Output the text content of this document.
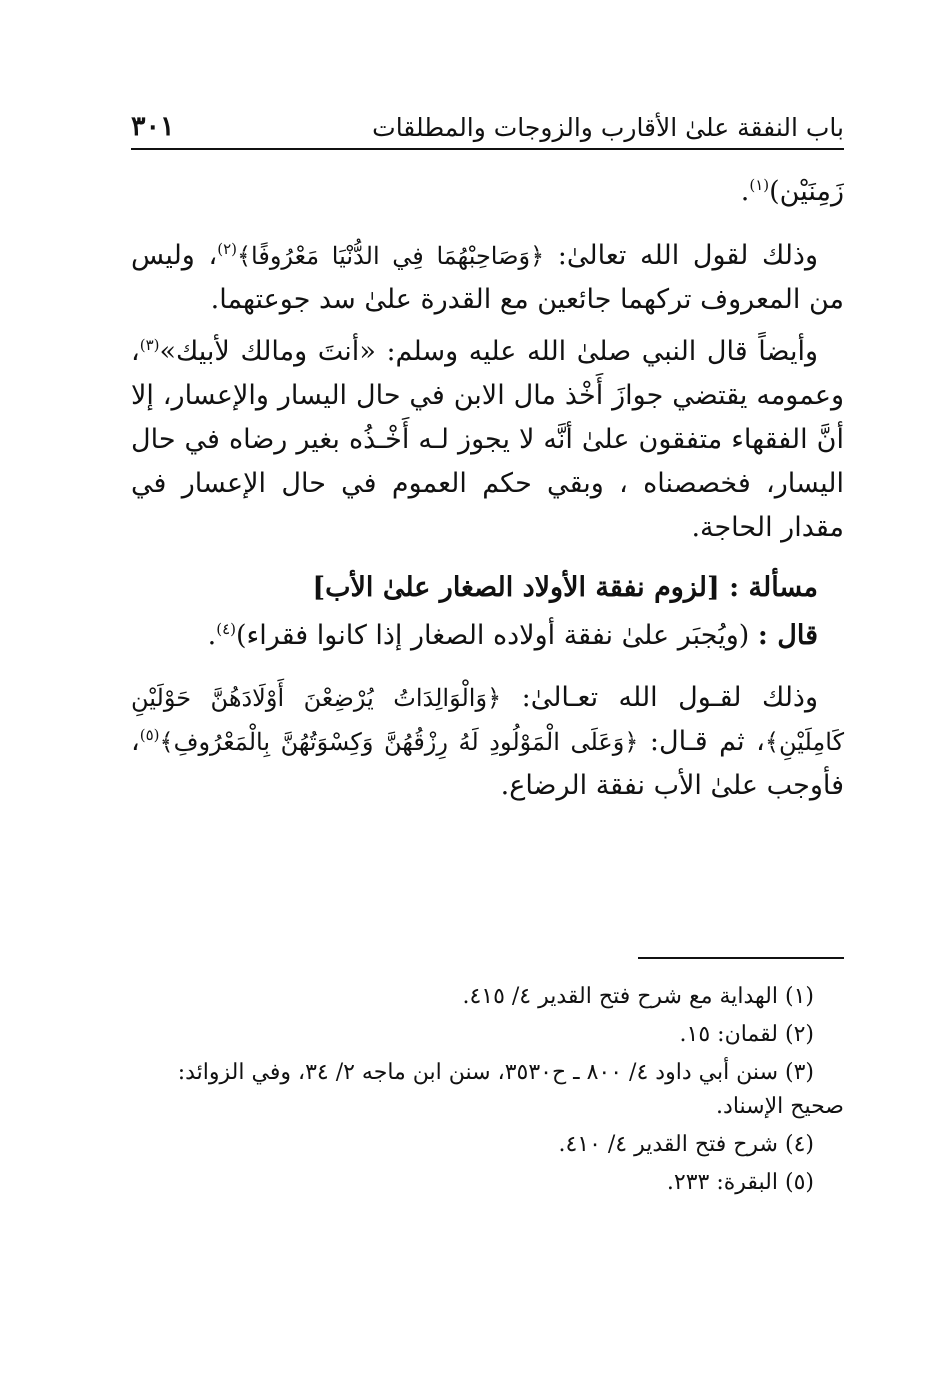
باب النفقة علىٰ الأقارب والزوجات والمطلقات
٣٠١

زَمِنَيْن)$^{(١)}$.

وذلك لقول الله تعالىٰ: ﴿وَصَاحِبْهُمَا فِي الدُّنْيَا مَعْرُوفًا﴾$^{(٢)}$، وليس من المعروف تركهما جائعين مع القدرة علىٰ سد جوعتهما.

وأيضاً قال النبي صلىٰ الله عليه وسلم: «أنتَ ومالك لأبيك»$^{(٣)}$، وعمومه يقتضي جوازَ أَخْذ مال الابن في حال اليسار والإعسار، إلا أنَّ الفقهاء متفقون علىٰ أنَّه لا يجوز لـه أَخْـذُه بغير رضاه في حال اليسار، فخصصناه ، وبقي حكم العموم في حال الإعسار في مقدار الحاجة.

مسألة : [لزوم نفقة الأولاد الصغار علىٰ الأب]

قال : (ويُجبَر علىٰ نفقة أولاده الصغار إذا كانوا فقراء)$^{(٤)}$.

وذلك لقـول الله تعـالىٰ: ﴿وَالْوَالِدَاتُ يُرْضِعْنَ أَوْلَادَهُنَّ حَوْلَيْنِ كَامِلَيْنِ﴾، ثم قـال: ﴿وَعَلَى الْمَوْلُودِ لَهُ رِزْقُهُنَّ وَكِسْوَتُهُنَّ بِالْمَعْرُوفِ﴾$^{(٥)}$، فأوجب علىٰ الأب نفقة الرضاع.

(١) الهداية مع شرح فتح القدير ٤/ ٤١٥.

(٢) لقمان: ١٥.

(٣) سنن أبي داود ٤/ ٨٠٠ ـ ح٣٥٣٠، سنن ابن ماجه ٢/ ٣٤، وفي الزوائد: صحيح الإسناد.

(٤) شرح فتح القدير ٤/ ٤١٠.

(٥) البقرة: ٢٣٣.
